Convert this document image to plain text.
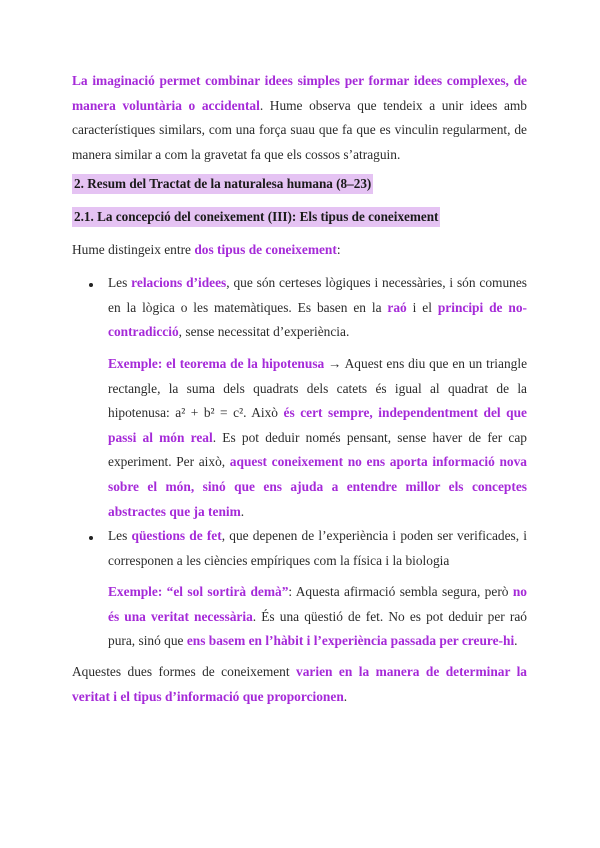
La imaginació permet combinar idees simples per formar idees complexes, de manera voluntària o accidental. Hume observa que tendeix a unir idees amb característiques similars, com una força suau que fa que es vinculin regularment, de manera similar a com la gravetat fa que els cossos s’atraguin.

2. Resum del Tractat de la naturalesa humana (8–23)
2.1. La concepció del coneixement (III): Els tipus de coneixement

Hume distingeix entre dos tipus de coneixement:

Les relacions d’idees, que són certeses lògiques i necessàries, i són comunes en la lògica o les matemàtiques. Es basen en la raó i el principi de no-contradicció, sense necessitat d’experiència.

Exemple: el teorema de la hipotenusa → Aquest ens diu que en un triangle rectangle, la suma dels quadrats dels catets és igual al quadrat de la hipotenusa: a² + b² = c². Això és cert sempre, independentment del que passi al món real. Es pot deduir només pensant, sense haver de fer cap experiment. Per això, aquest coneixement no ens aporta informació nova sobre el món, sinó que ens ajuda a entendre millor els conceptes abstractes que ja tenim.

Les qüestions de fet, que depenen de l’experiència i poden ser verificades, i corresponen a les ciències empíriques com la física i la biologia

Exemple: “el sol sortirà demà”: Aquesta afirmació sembla segura, però no és una veritat necessària. És una qüestió de fet. No es pot deduir per raó pura, sinó que ens basem en l’hàbit i l’experiència passada per creure-hi.

Aquestes dues formes de coneixement varien en la manera de determinar la veritat i el tipus d’informació que proporcionen.
